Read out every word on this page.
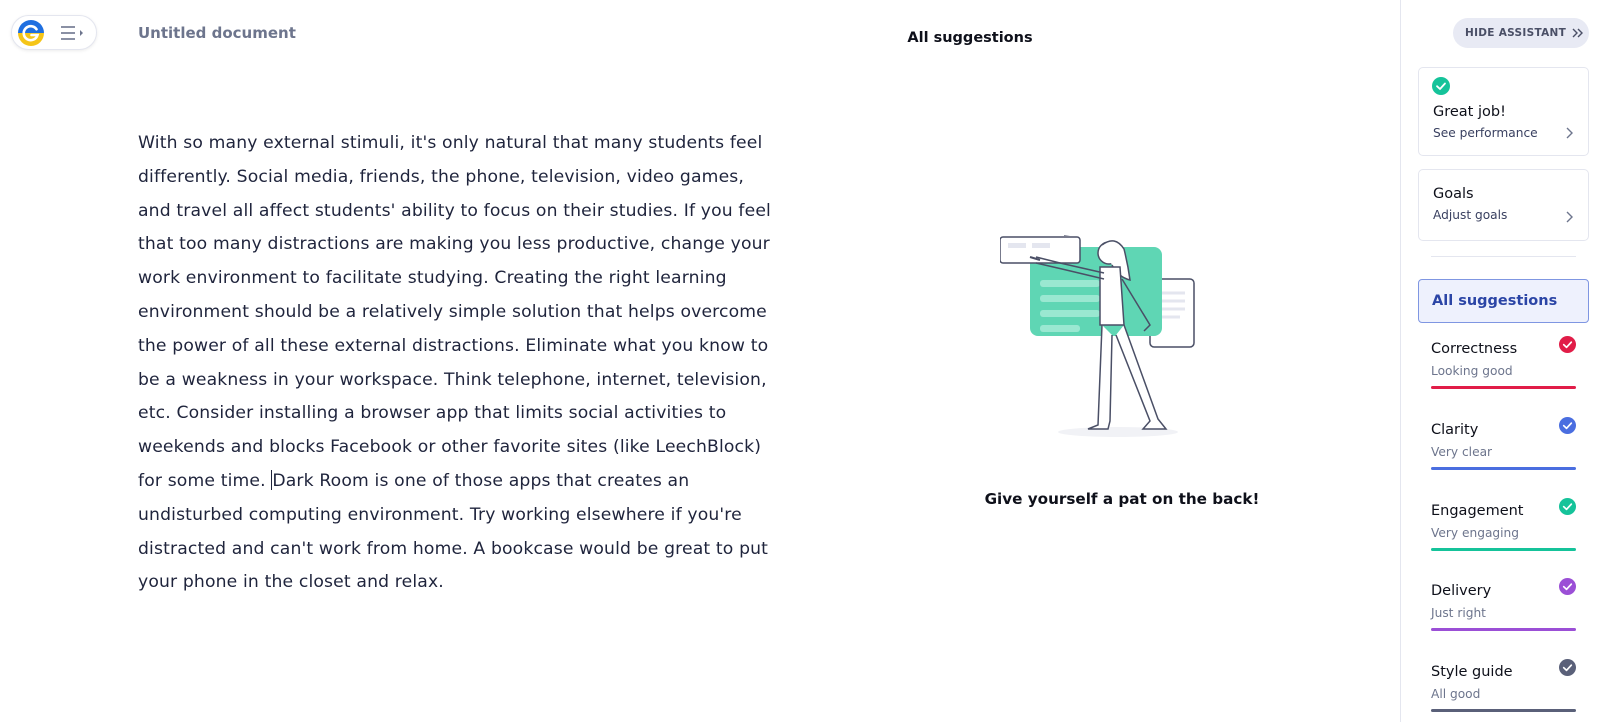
Untitled document
With so many external stimuli, it's only natural that many students feel differently. Social media, friends, the phone, television, video games, and travel all affect students' ability to focus on their studies. If you feel that too many distractions are making you less productive, change your work environment to facilitate studying. Creating the right learning environment should be a relatively simple solution that helps overcome the power of all these external distractions. Eliminate what you know to be a weakness in your workspace. Think telephone, internet, television, etc. Consider installing a browser app that limits social activities to weekends and blocks Facebook or other favorite sites (like LeechBlock) for some time. Dark Room is one of those apps that creates an undisturbed computing environment. Try working elsewhere if you're distracted and can't work from home. A bookcase would be great to put your phone in the closet and relax.
All suggestions
Give yourself a pat on the back!
HIDE ASSISTANT
Great job!
See performance
Goals
Adjust goals
All suggestions
Correctness
Looking good
Clarity
Very clear
Engagement
Very engaging
Delivery
Just right
Style guide
All good
